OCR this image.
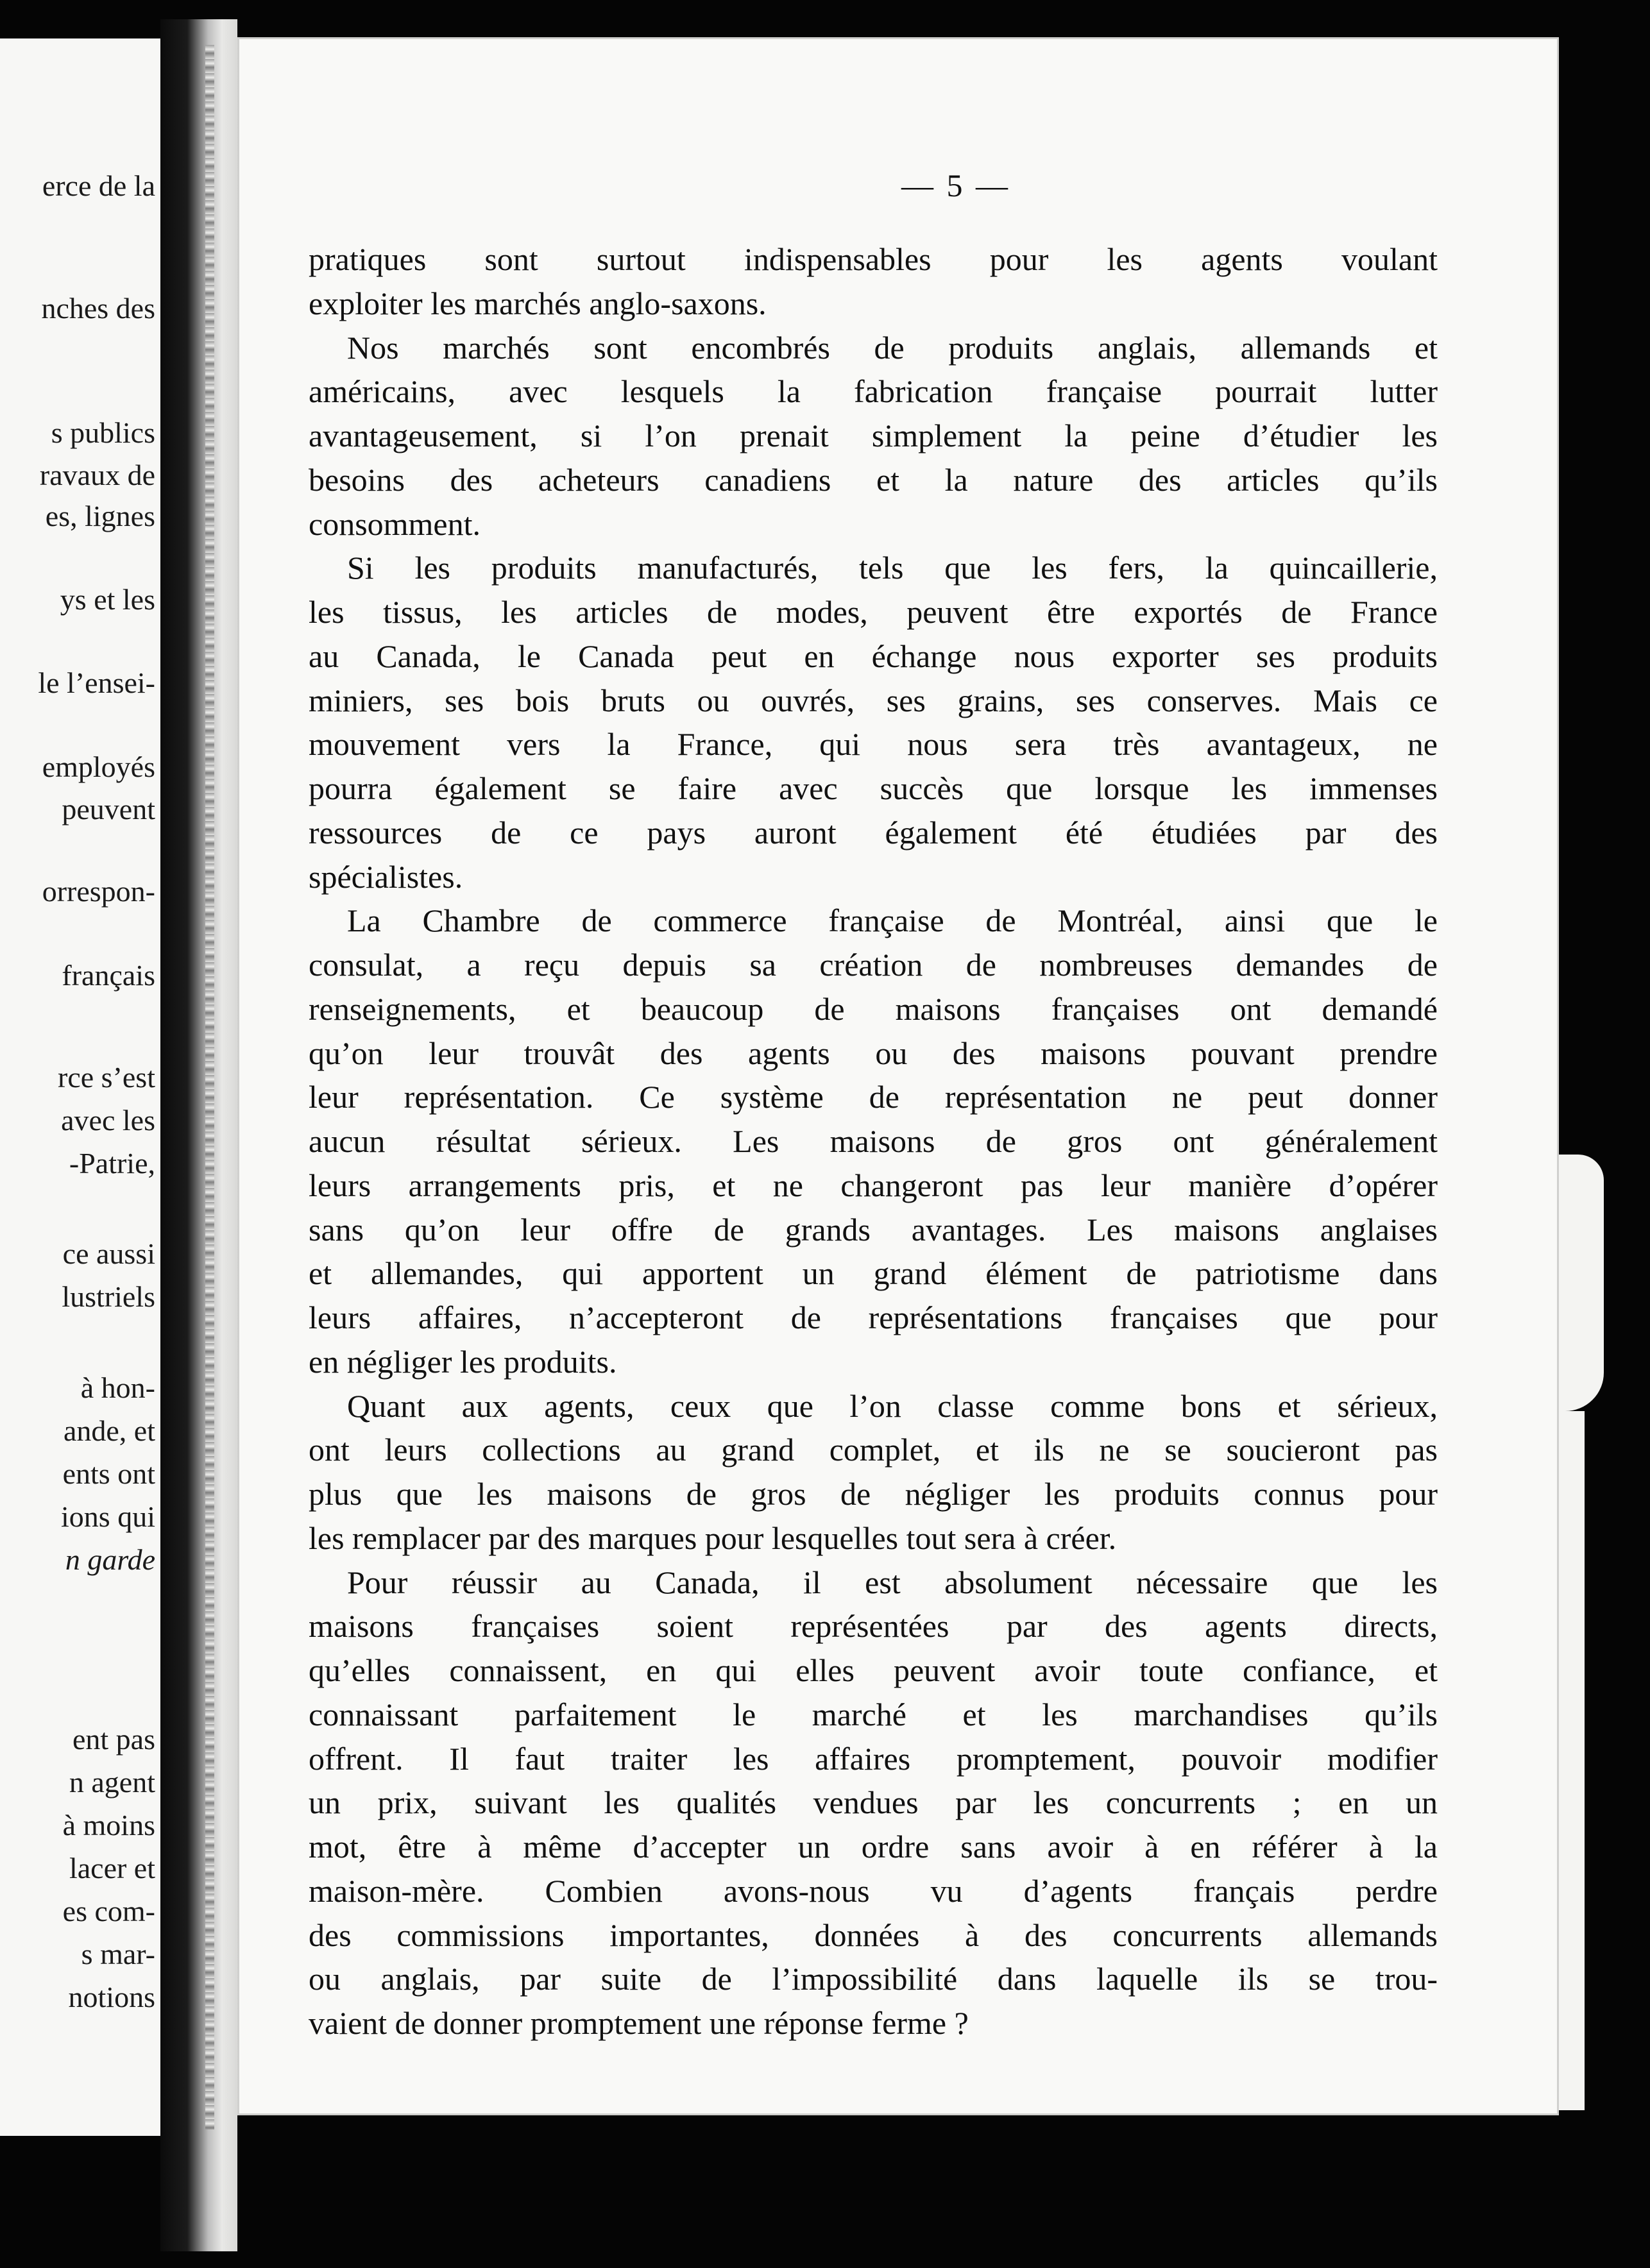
erce de la
nches des
s publics
ravaux de
es, lignes
ys et les
le l’ensei-
employés
peuvent
orrespon-
français
rce s’est
avec les
-Patrie,
ce aussi
lustriels
à hon-
ande, et
ents ont
ions qui
n garde
ent pas
n agent
à moins
lacer et
es com-
s mar-
notions
— 5 —
pratiques sont surtout indispensables pour les agents voulant
exploiter les marchés anglo-saxons.
Nos marchés sont encombrés de produits anglais, allemands et
américains, avec lesquels la fabrication française pourrait lutter
avantageusement, si l’on prenait simplement la peine d’étudier les
besoins des acheteurs canadiens et la nature des articles qu’ils
consomment.
Si les produits manufacturés, tels que les fers, la quincaillerie,
les tissus, les articles de modes, peuvent être exportés de France
au Canada, le Canada peut en échange nous exporter ses produits
miniers, ses bois bruts ou ouvrés, ses grains, ses conserves. Mais ce
mouvement vers la France, qui nous sera très avantageux, ne
pourra également se faire avec succès que lorsque les immenses
ressources de ce pays auront également été étudiées par des
spécialistes.
La Chambre de commerce française de Montréal, ainsi que le
consulat, a reçu depuis sa création de nombreuses demandes de
renseignements, et beaucoup de maisons françaises ont demandé
qu’on leur trouvât des agents ou des maisons pouvant prendre
leur représentation. Ce système de représentation ne peut donner
aucun résultat sérieux. Les maisons de gros ont généralement
leurs arrangements pris, et ne changeront pas leur manière d’opérer
sans qu’on leur offre de grands avantages. Les maisons anglaises
et allemandes, qui apportent un grand élément de patriotisme dans
leurs affaires, n’accepteront de représentations françaises que pour
en négliger les produits.
Quant aux agents, ceux que l’on classe comme bons et sérieux,
ont leurs collections au grand complet, et ils ne se soucieront pas
plus que les maisons de gros de négliger les produits connus pour
les remplacer par des marques pour lesquelles tout sera à créer.
Pour réussir au Canada, il est absolument nécessaire que les
maisons françaises soient représentées par des agents directs,
qu’elles connaissent, en qui elles peuvent avoir toute confiance, et
connaissant parfaitement le marché et les marchandises qu’ils
offrent. Il faut traiter les affaires promptement, pouvoir modifier
un prix, suivant les qualités vendues par les concurrents ; en un
mot, être à même d’accepter un ordre sans avoir à en référer à la
maison-mère. Combien avons-nous vu d’agents français perdre
des commissions importantes, données à des concurrents allemands
ou anglais, par suite de l’impossibilité dans laquelle ils se trou-
vaient de donner promptement une réponse ferme ?
